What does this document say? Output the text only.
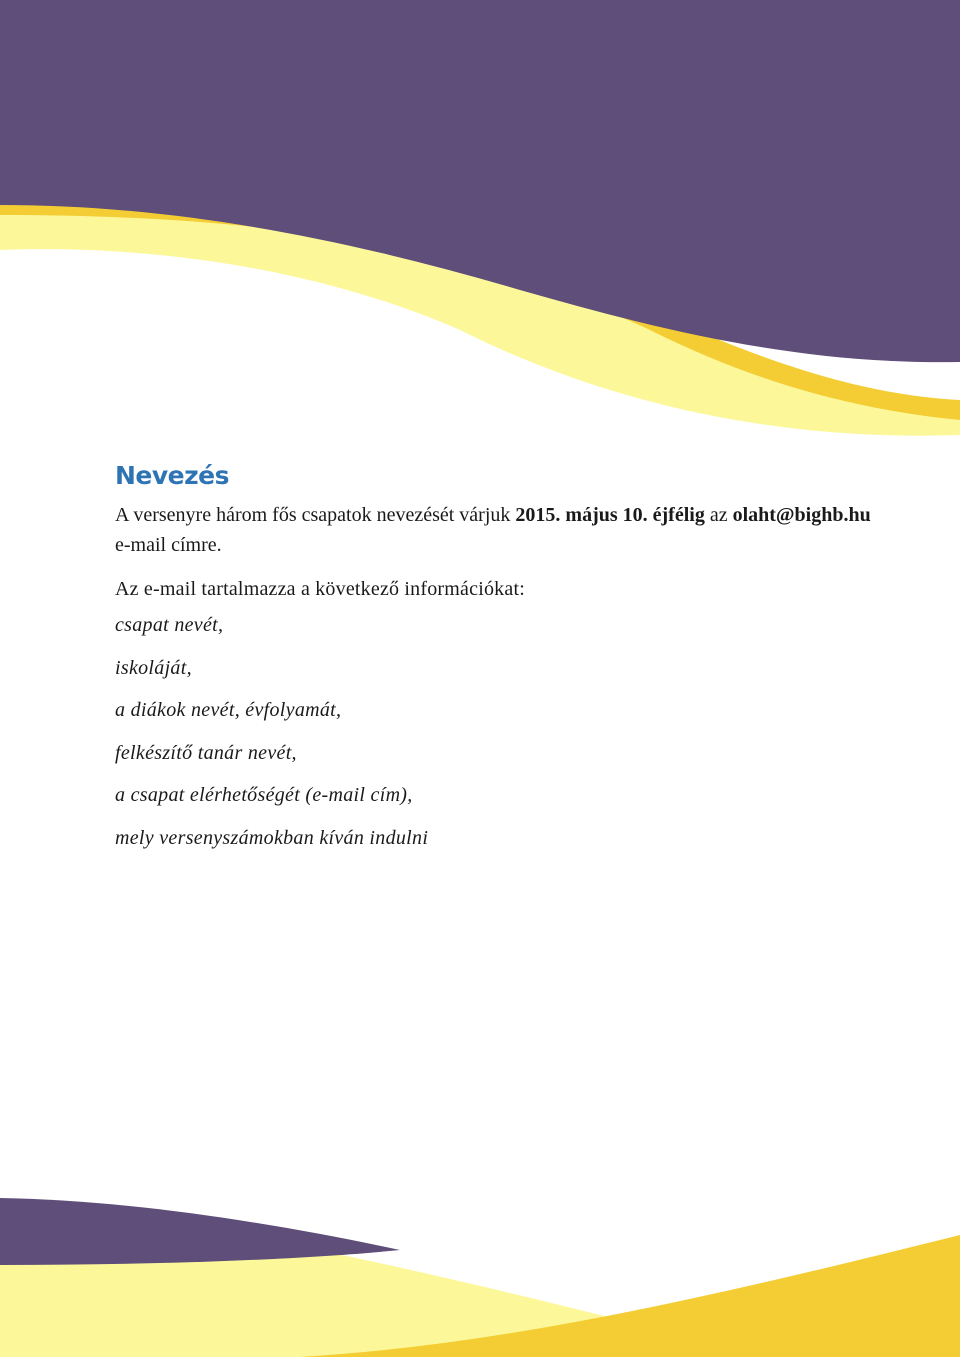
Nevezés

A versenyre három fős csapatok nevezését várjuk 2015. május 10. éjfélig az olaht@bighb.hu e-mail címre.

Az e-mail tartalmazza a következő információkat:

csapat nevét,
iskoláját,
a diákok nevét, évfolyamát,
felkészítő tanár nevét,
a csapat elérhetőségét (e-mail cím),
mely versenyszámokban kíván indulni
